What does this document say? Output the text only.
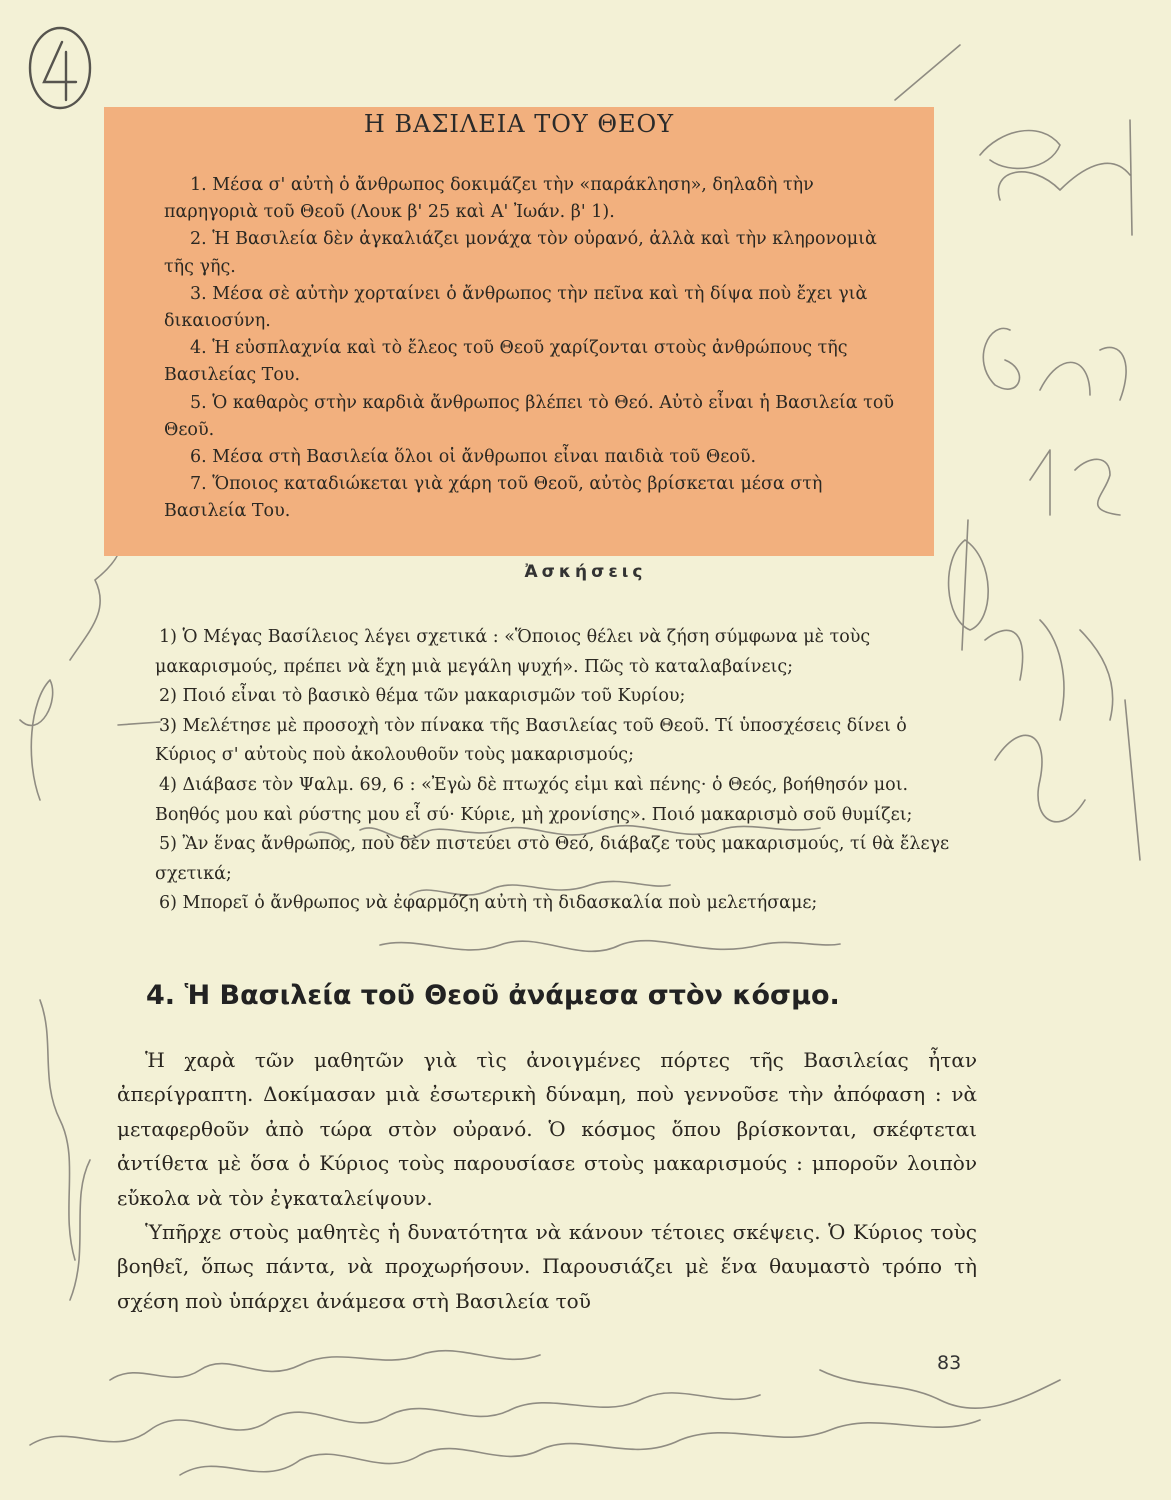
Η ΒΑΣΙΛΕΙΑ ΤΟΥ ΘΕΟΥ

1. Μέσα σ' αὐτὴ ὁ ἄνθρωπος δοκιμάζει τὴν «παράκληση», δηλαδὴ τὴν παρηγοριὰ τοῦ Θεοῦ (Λουκ β' 25 καὶ Α' Ἰωάν. β' 1).

2. Ἡ Βασιλεία δὲν ἀγκαλιάζει μονάχα τὸν οὐρανό, ἀλλὰ καὶ τὴν κληρονομιὰ τῆς γῆς.

3. Μέσα σὲ αὐτὴν χορταίνει ὁ ἄνθρωπος τὴν πεῖνα καὶ τὴ δίψα ποὺ ἔχει γιὰ δικαιοσύνη.

4. Ἡ εὐσπλαχνία καὶ τὸ ἔλεος τοῦ Θεοῦ χαρίζονται στοὺς ἀνθρώπους τῆς Βασιλείας Του.

5. Ὁ καθαρὸς στὴν καρδιὰ ἄνθρωπος βλέπει τὸ Θεό. Αὐτὸ εἶναι ἡ Βασιλεία τοῦ Θεοῦ.

6. Μέσα στὴ Βασιλεία ὅλοι οἱ ἄνθρωποι εἶναι παιδιὰ τοῦ Θεοῦ.

7. Ὅποιος καταδιώκεται γιὰ χάρη τοῦ Θεοῦ, αὐτὸς βρίσκεται μέσα στὴ Βασιλεία Του.

Ἀσκήσεις

1) Ὁ Μέγας Βασίλειος λέγει σχετικά : «Ὅποιος θέλει νὰ ζήση σύμφωνα μὲ τοὺς μακαρισμούς, πρέπει νὰ ἔχη μιὰ μεγάλη ψυχή». Πῶς τὸ καταλαβαίνεις;

2) Ποιό εἶναι τὸ βασικὸ θέμα τῶν μακαρισμῶν τοῦ Κυρίου;

3) Μελέτησε μὲ προσοχὴ τὸν πίνακα τῆς Βασιλείας τοῦ Θεοῦ. Τί ὑποσχέσεις δίνει ὁ Κύριος σ' αὐτοὺς ποὺ ἀκολουθοῦν τοὺς μακαρισμούς;

4) Διάβασε τὸν Ψαλμ. 69, 6 : «Ἐγὼ δὲ πτωχός εἰμι καὶ πένης· ὁ Θεός, βοήθησόν μοι. Βοηθός μου καὶ ρύστης μου εἶ σύ· Κύριε, μὴ χρονίσης». Ποιό μακαρισμὸ σοῦ θυμίζει;

5) Ἂν ἕνας ἄνθρωπος, ποὺ δὲν πιστεύει στὸ Θεό, διάβαζε τοὺς μακαρισμούς, τί θὰ ἔλεγε σχετικά;

6) Μπορεῖ ὁ ἄνθρωπος νὰ ἐφαρμόζη αὐτὴ τὴ διδασκαλία ποὺ μελετήσαμε;

4. Ἡ Βασιλεία τοῦ Θεοῦ ἀνάμεσα στὸν κόσμο.

Ἡ χαρὰ τῶν μαθητῶν γιὰ τὶς ἀνοιγμένες πόρτες τῆς Βασιλείας ἦταν ἀπερίγραπτη. Δοκίμασαν μιὰ ἐσωτερικὴ δύναμη, ποὺ γεννοῦσε τὴν ἀπόφαση : νὰ μεταφερθοῦν ἀπὸ τώρα στὸν οὐρανό. Ὁ κόσμος ὅπου βρίσκονται, σκέφτεται ἀντίθετα μὲ ὅσα ὁ Κύριος τοὺς παρουσίασε στοὺς μακαρισμούς : μποροῦν λοιπὸν εὔκολα νὰ τὸν ἐγκαταλείψουν.

Ὑπῆρχε στοὺς μαθητὲς ἡ δυνατότητα νὰ κάνουν τέτοιες σκέψεις. Ὁ Κύριος τοὺς βοηθεῖ, ὅπως πάντα, νὰ προχωρήσουν. Παρουσιάζει μὲ ἕνα θαυμαστὸ τρόπο τὴ σχέση ποὺ ὑπάρχει ἀνάμεσα στὴ Βασιλεία τοῦ

83
